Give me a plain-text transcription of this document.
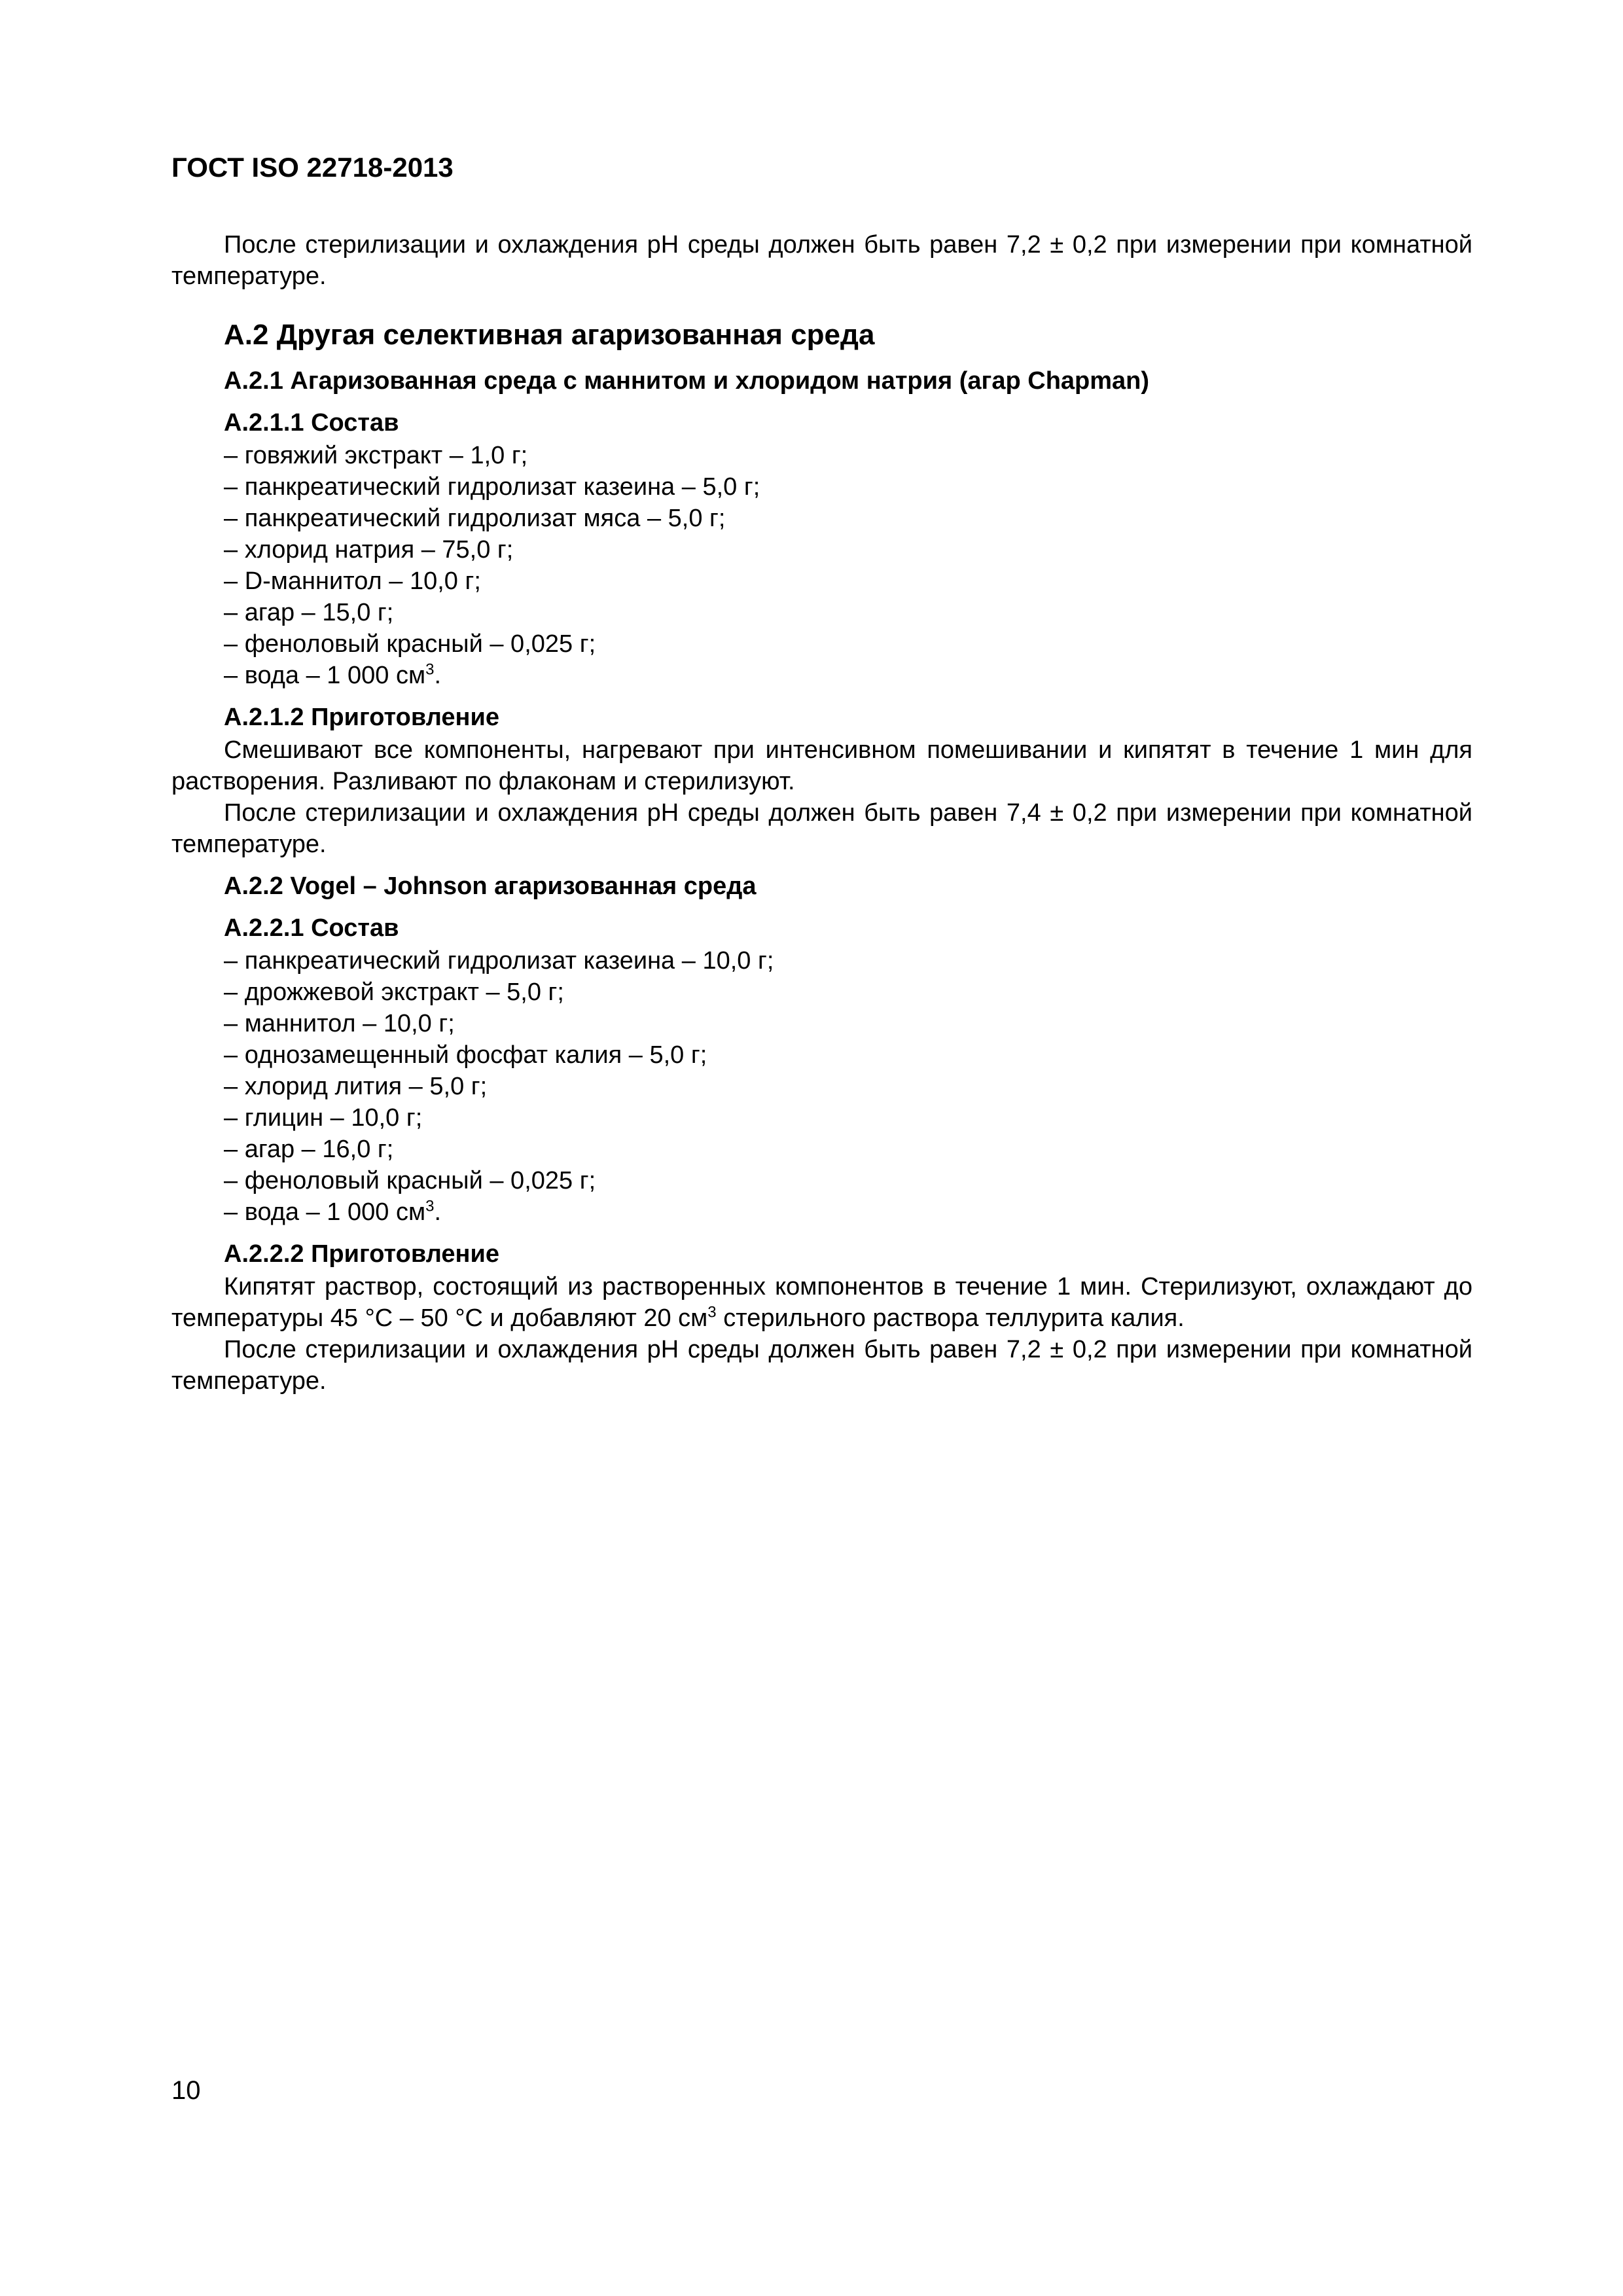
ГОСТ ISO 22718-2013

После стерилизации и охлаждения pH среды должен быть равен 7,2 ± 0,2 при измерении при комнатной температуре.

A.2 Другая селективная агаризованная среда
A.2.1 Агаризованная среда с маннитом и хлоридом натрия (агар Chapman)
A.2.1.1 Состав
– говяжий экстракт – 1,0 г;
– панкреатический гидролизат казеина – 5,0 г;
– панкреатический гидролизат мяса – 5,0 г;
– хлорид натрия – 75,0 г;
– D-маннитол – 10,0 г;
– агар – 15,0 г;
– феноловый красный – 0,025 г;
– вода – 1 000 $см^3$.
A.2.1.2 Приготовление

Смешивают все компоненты, нагревают при интенсивном помешивании и кипятят в течение 1 мин для растворения. Разливают по флаконам и стерилизуют.

После стерилизации и охлаждения pH среды должен быть равен 7,4 ± 0,2 при измерении при комнатной температуре.

A.2.2 Vogel – Johnson агаризованная среда
A.2.2.1 Состав
– панкреатический гидролизат казеина – 10,0 г;
– дрожжевой экстракт – 5,0 г;
– маннитол – 10,0 г;
– однозамещенный фосфат калия – 5,0 г;
– хлорид лития – 5,0 г;
– глицин – 10,0 г;
– агар – 16,0 г;
– феноловый красный – 0,025 г;
– вода – 1 000 $см^3$.
A.2.2.2 Приготовление

Кипятят раствор, состоящий из растворенных компонентов в течение 1 мин. Стерилизуют, охлаждают до температуры 45 °C – 50 °C и добавляют 20 $см^3$ стерильного раствора теллурита калия.

После стерилизации и охлаждения pH среды должен быть равен 7,2 ± 0,2 при измерении при комнатной температуре.

10
